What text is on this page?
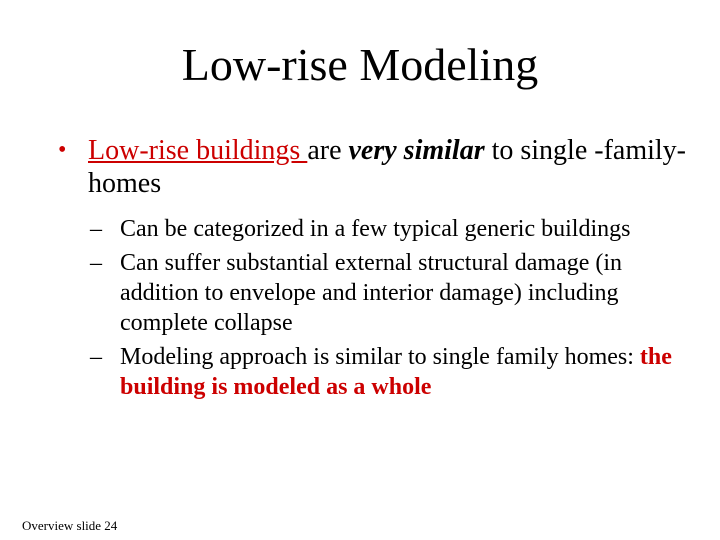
Low-rise Modeling
• Low-rise buildings are very similar to single -family-homes
– Can be categorized in a few typical generic buildings
– Can suffer substantial external structural damage (in addition to envelope and interior damage) including complete collapse
– Modeling approach is similar to single family homes: the building is modeled as a whole
Overview slide 24
